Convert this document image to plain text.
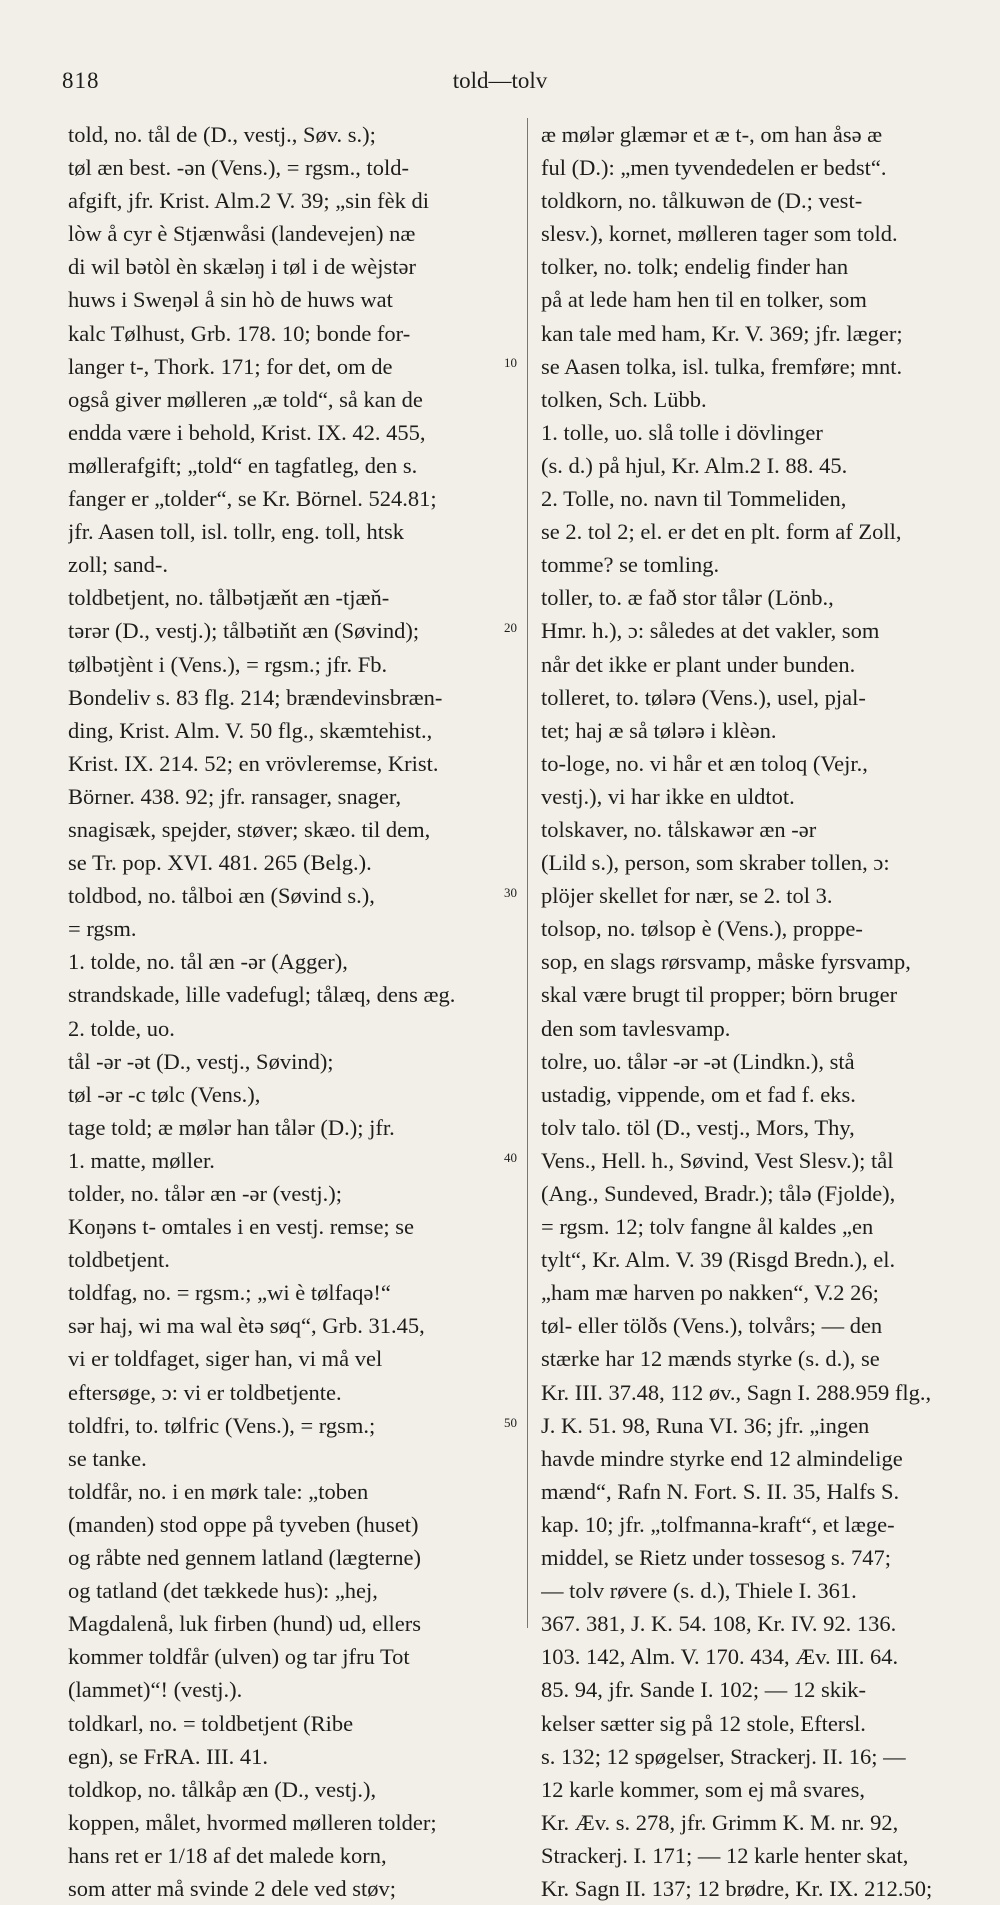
818	told—tolv
10
20
30
40
50
told, no. tål de (D., vestj., Søv. s.);
tøl æn best. -ən (Vens.), = rgsm., told-
afgift, jfr. Krist. Alm.2 V. 39; „sin fèk di
lòw å cyr è Stjænwåsi (landevejen) næ
di wil bətòl èn skæləŋ i tøl i de wèjstər
huws i Sweŋəl å sin hò de huws wat
kalc Tølhust, Grb. 178. 10; bonde for-
langer t-, Thork. 171; for det, om de
også giver mølleren „æ told“, så kan de
endda være i behold, Krist. IX. 42. 455,
møllerafgift; „told“ en tagfatleg, den s.
fanger er „tolder“, se Kr. Börnel. 524.81;
jfr. Aasen toll, isl. tollr, eng. toll, htsk
zoll; sand-.
toldbetjent, no. tålbətjæňt æn -tjæň-
tərər (D., vestj.); tålbətiňt æn (Søvind);
tølbətjènt i (Vens.), = rgsm.; jfr. Fb.
Bondeliv s. 83 flg. 214; brændevinsbræn-
ding, Krist. Alm. V. 50 flg., skæmtehist.,
Krist. IX. 214. 52; en vrövleremse, Krist.
Börner. 438. 92; jfr. ransager, snager,
snagisæk, spejder, støver; skæo. til dem,
se Tr. pop. XVI. 481. 265 (Belg.).
toldbod, no. tålboi æn (Søvind s.),
= rgsm.
1. tolde, no. tål æn -ər (Agger),
strandskade, lille vadefugl; tålæq, dens æg.
2. tolde, uo.
tål -ər -ət (D., vestj., Søvind);
tøl -ər -c tølc (Vens.),
tage told; æ mølər han tålər (D.); jfr.
1. matte, møller.
tolder, no. tålər æn -ər (vestj.);
Koŋəns t- omtales i en vestj. remse; se
toldbetjent.
toldfag, no. = rgsm.; „wi è tølfaqə!“
sər haj, wi ma wal ètə søq“, Grb. 31.45,
vi er toldfaget, siger han, vi må vel
eftersøge, ɔ: vi er toldbetjente.
toldfri, to. tølfric (Vens.), = rgsm.;
se tanke.
toldfår, no. i en mørk tale: „toben
(manden) stod oppe på tyveben (huset)
og råbte ned gennem latland (lægterne)
og tatland (det tækkede hus): „hej,
Magdalenå, luk firben (hund) ud, ellers
kommer toldfår (ulven) og tar jfru Tot
(lammet)“! (vestj.).
toldkarl, no. = toldbetjent (Ribe
egn), se FrRA. III. 41.
toldkop, no. tålkåp æn (D., vestj.),
koppen, målet, hvormed mølleren tolder;
hans ret er 1/18 af det malede korn,
som atter må svinde 2 dele ved støv;
æ mølər glæmər et æ t-, om han åsə æ
ful (D.): „men tyvendedelen er bedst“.
toldkorn, no. tålkuwən de (D.; vest-
slesv.), kornet, mølleren tager som told.
tolker, no. tolk; endelig finder han
på at lede ham hen til en tolker, som
kan tale med ham, Kr. V. 369; jfr. læger;
se Aasen tolka, isl. tulka, fremføre; mnt.
tolken, Sch. Lübb.
1. tolle, uo. slå tolle i dövlinger
(s. d.) på hjul, Kr. Alm.2 I. 88. 45.
2. Tolle, no. navn til Tommeliden,
se 2. tol 2; el. er det en plt. form af Zoll,
tomme? se tomling.
toller, to. æ fað stor tålər (Lönb.,
Hmr. h.), ɔ: således at det vakler, som
når det ikke er plant under bunden.
tolleret, to. tølərə (Vens.), usel, pjal-
tet; haj æ så tølərə i klèən.
to-loge, no. vi hår et æn toloq (Vejr.,
vestj.), vi har ikke en uldtot.
tolskaver, no. tålskawər æn -ər
(Lild s.), person, som skraber tollen, ɔ:
plöjer skellet for nær, se 2. tol 3.
tolsop, no. tølsop è (Vens.), proppe-
sop, en slags rørsvamp, måske fyrsvamp,
skal være brugt til propper; börn bruger
den som tavlesvamp.
tolre, uo. tålər -ər -ət (Lindkn.), stå
ustadig, vippende, om et fad f. eks.
tolv talo. töl (D., vestj., Mors, Thy,
Vens., Hell. h., Søvind, Vest Slesv.); tål
(Ang., Sundeved, Bradr.); tålə (Fjolde),
= rgsm. 12; tolv fangne ål kaldes „en
tylt“, Kr. Alm. V. 39 (Risgd Bredn.), el.
„ham mæ harven po nakken“, V.2 26;
tøl- eller tölðs (Vens.), tolvårs; — den
stærke har 12 mænds styrke (s. d.), se
Kr. III. 37.48, 112 øv., Sagn I. 288.959 flg.,
J. K. 51. 98, Runa VI. 36; jfr. „ingen
havde mindre styrke end 12 almindelige
mænd“, Rafn N. Fort. S. II. 35, Halfs S.
kap. 10; jfr. „tolfmanna-kraft“, et læge-
middel, se Rietz under tossesog s. 747;
— tolv røvere (s. d.), Thiele I. 361.
367. 381, J. K. 54. 108, Kr. IV. 92. 136.
103. 142, Alm. V. 170. 434, Æv. III. 64.
85. 94, jfr. Sande I. 102; — 12 skik-
kelser sætter sig på 12 stole, Eftersl.
s. 132; 12 spøgelser, Strackerj. II. 16; —
12 karle kommer, som ej må svares,
Kr. Æv. s. 278, jfr. Grimm K. M. nr. 92,
Strackerj. I. 171; — 12 karle henter skat,
Kr. Sagn II. 137; 12 brødre, Kr. IX. 212.50;
